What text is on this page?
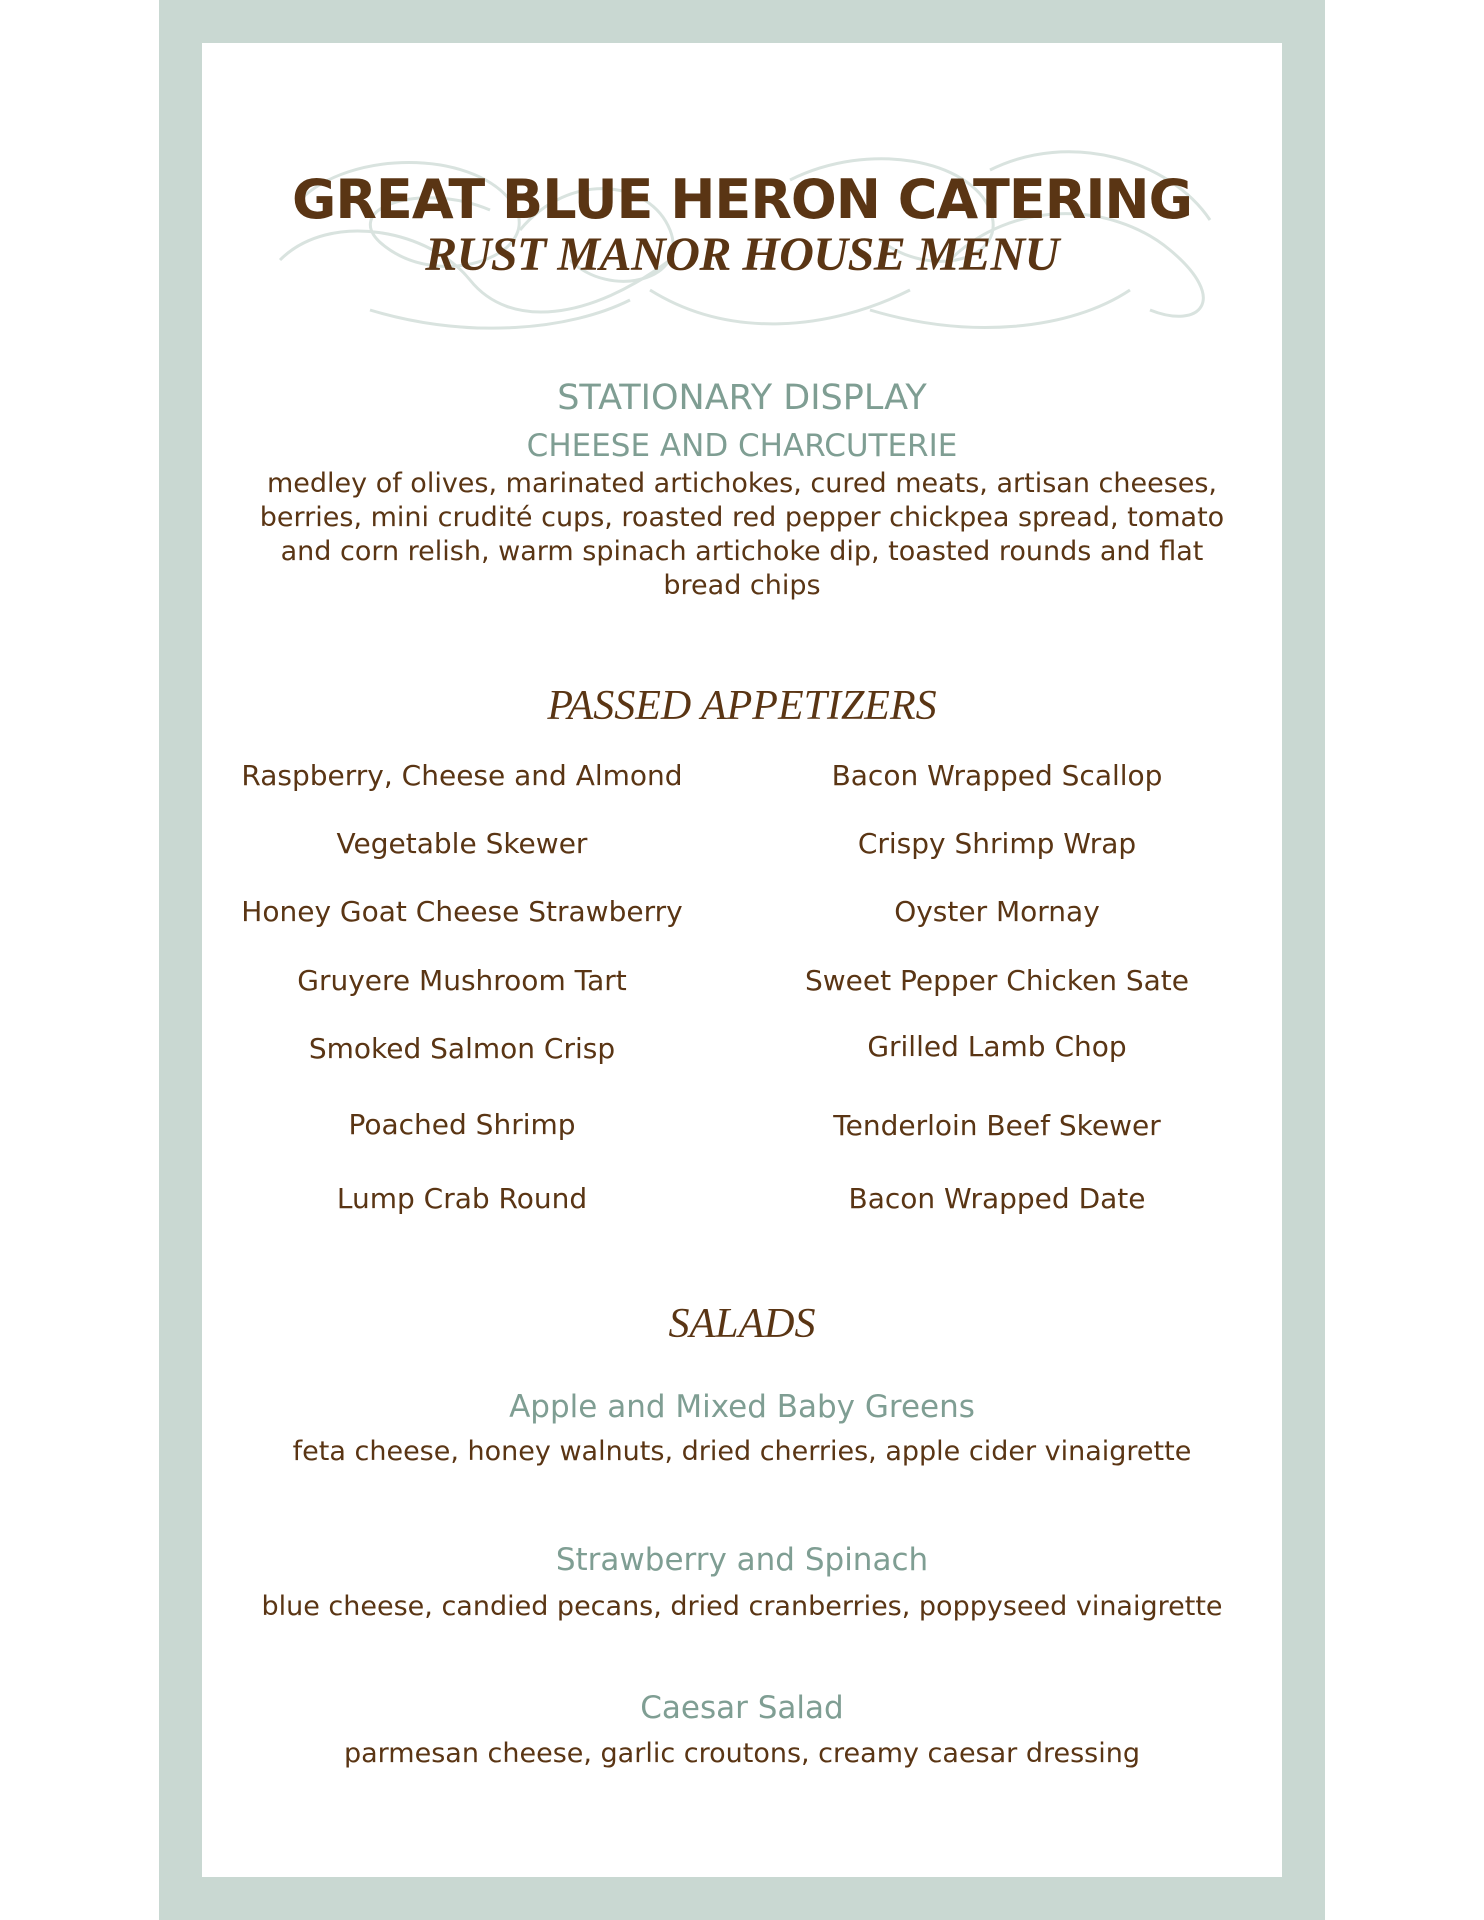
GREAT BLUE HERON CATERING
RUST MANOR HOUSE MENU
STATIONARY DISPLAY
CHEESE AND CHARCUTERIE
medley of olives, marinated artichokes, cured meats, artisan cheeses,
berries, mini crudité cups, roasted red pepper chickpea spread, tomato
and corn relish, warm spinach artichoke dip, toasted rounds and flat
bread chips
PASSED APPETIZERS
Raspberry, Cheese and Almond
Vegetable Skewer
Honey Goat Cheese Strawberry
Gruyere Mushroom Tart
Smoked Salmon Crisp
Poached Shrimp
Lump Crab Round
Bacon Wrapped Scallop
Crispy Shrimp Wrap
Oyster Mornay
Sweet Pepper Chicken Sate
Grilled Lamb Chop
Tenderloin Beef Skewer
Bacon Wrapped Date
SALADS
Apple and Mixed Baby Greens
feta cheese, honey walnuts, dried cherries, apple cider vinaigrette
Strawberry and Spinach
blue cheese, candied pecans, dried cranberries, poppyseed vinaigrette
Caesar Salad
parmesan cheese, garlic croutons, creamy caesar dressing
